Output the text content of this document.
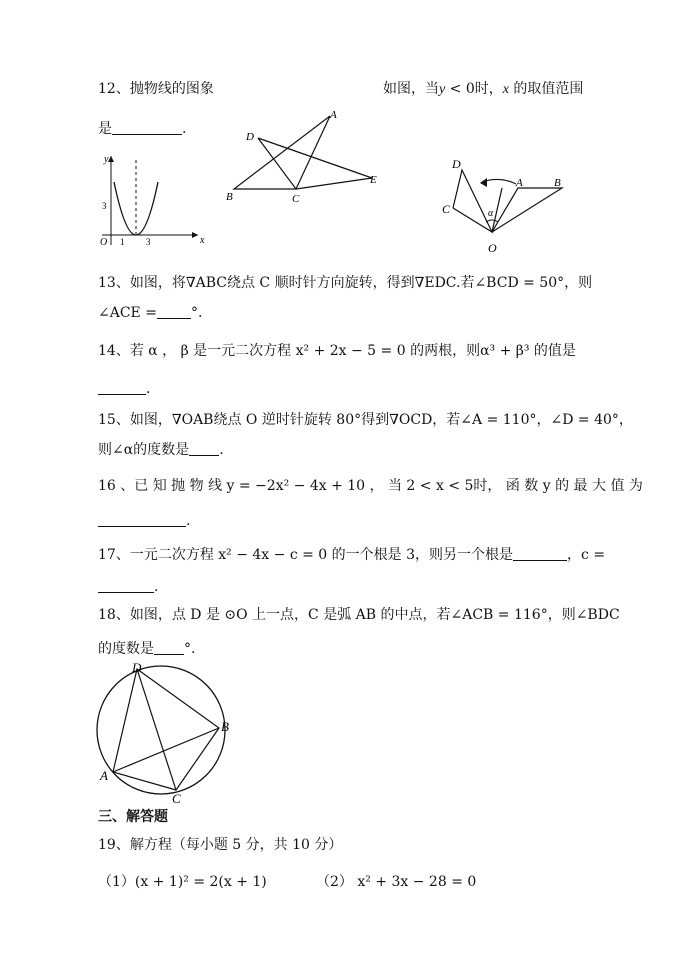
12、抛物线的图象	如图，当y < 0时，x 的取值范围
是	.
y
x
O 1 3
3
D
A
B	C
E
D
C
A	B
O
α
13、如图，将∇ABC绕点 C 顺时针方向旋转，得到∇EDC.若∠BCD = 50°，则
∠ACE = °.
14、若 α ， β 是一元二次方程 x² + 2x − 5 = 0 的两根，则α³ + β³ 的值是
.
15、如图，∇OAB绕点 O 逆时针旋转 80°得到∇OCD，若∠A = 110°，∠D = 40°，
则∠α的度数是 .
16 、已 知 抛 物 线 y = −2x² − 4x + 10 ， 当 2 < x < 5时， 函 数 y 的 最 大 值 为
.
17、一元二次方程 x² − 4x − c = 0 的一个根是 3，则另一个根是	，c =
.
18、如图，点 D 是 ⊙O 上一点，C 是弧 AB 的中点，若∠ACB = 116°，则∠BDC
的度数是 °.
D
B
A
C
三、解答题
19、解方程（每小题 5 分，共 10 分）
（1）(x + 1)² = 2(x + 1)	（2） x² + 3x − 28 = 0
